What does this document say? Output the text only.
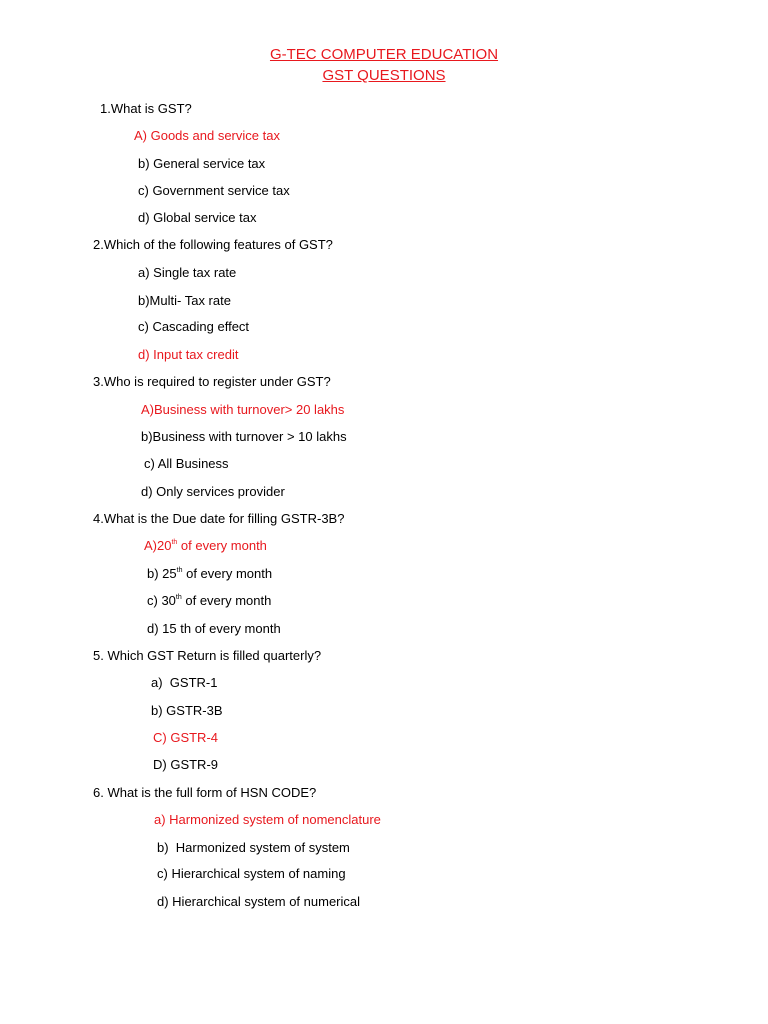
G-TEC COMPUTER EDUCATION
GST QUESTIONS
1.What is GST?
A) Goods and service tax
b) General service tax
c) Government service tax
d) Global service tax
2.Which of the following features of GST?
a) Single tax rate
b)Multi- Tax rate
c) Cascading effect
d) Input tax credit
3.Who is required to register under GST?
A)Business with turnover> 20 lakhs
b)Business with turnover > 10 lakhs
c) All Business
d) Only services provider
4.What is the Due date for filling GSTR-3B?
A)20th of every month
b) 25th of every month
c) 30th of every month
d) 15 th of every month
5. Which GST Return is filled quarterly?
a)  GSTR-1
b) GSTR-3B
C) GSTR-4
D) GSTR-9
6. What is the full form of HSN CODE?
a) Harmonized system of nomenclature
b)  Harmonized system of system
c) Hierarchical system of naming
d) Hierarchical system of numerical
